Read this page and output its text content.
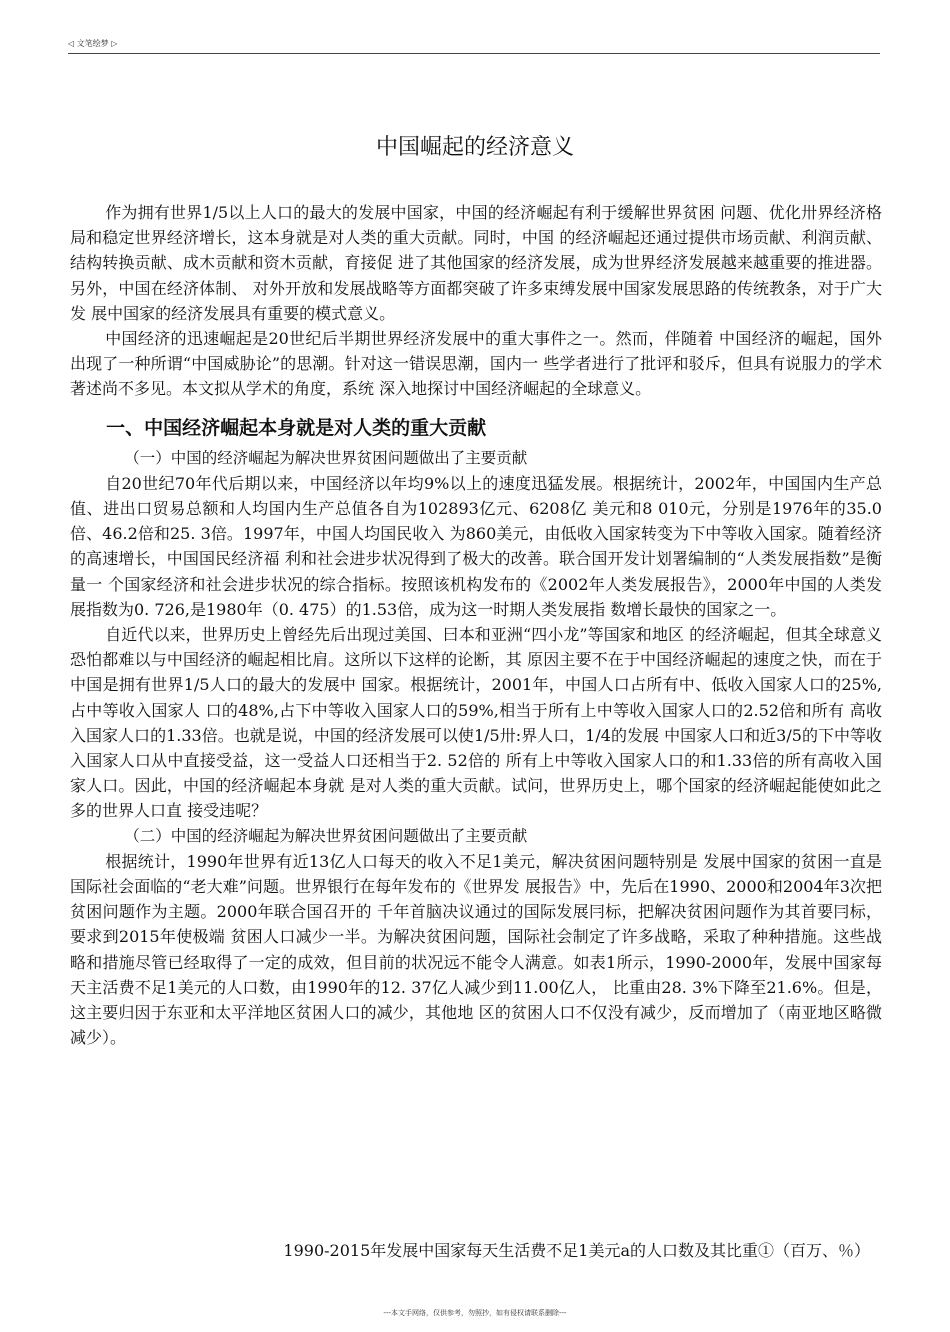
◁ 文笔绘梦 ▷
中国崛起的经济意义

作为拥有世界1/5以上人口的最大的发展中国家，中国的经济崛起有利于缓解世界贫困 问题、优化卅界经济格局和稳定世界经济增长，这本身就是对人类的重大贡献。同时，中国 的经济崛起还通过提供市场贡献、利润贡献、结构转换贡献、成木贡献和资木贡献，育接促 进了其他国家的经济发展，成为世界经济发展越来越重要的推进器。另外，中国在经济体制、 对外开放和发展战略等方面都突破了许多束缚发展中国家发展思路的传统教条，对于广大发 展中国家的经济发展具有重要的模式意义。

中国经济的迅速崛起是20世纪后半期世界经济发展中的重大事件之一。然而，伴随着 中国经济的崛起，国外出现了一种所谓“中国威胁论”的思潮。针对这一错误思潮，国内一 些学者进行了批评和驳斥，但具有说服力的学术著述尚不多见。本文拟从学术的角度，系统 深入地探讨中国经济崛起的全球意义。

一、中国经济崛起本身就是对人类的重大贡献

（一）中国的经济崛起为解决世界贫困问题做出了主要贡献

自20世纪70年代后期以来，中国经济以年均9%以上的速度迅猛发展。根据统计，2002年，中国国内生产总值、进出口贸易总额和人均国内生产总值各自为102893亿元、6208亿 美元和8 010元，分别是1976年的35.0倍、46.2倍和25. 3倍。1997年，中国人均国民收入 为860美元，由低收入国家转变为下中等收入国家。随着经济的高速增长，中国国民经济福 利和社会进步状况得到了极大的改善。联合国开发计划署编制的“人类发展指数”是衡量一 个国家经济和社会进步状况的综合指标。按照该机构发布的《2002年人类发展报告》，2000年中国的人类发展指数为0. 726,是1980年（0. 475）的1.53倍，成为这一时期人类发展指 数增长最快的国家之一。

自近代以来，世界历史上曾经先后出现过美国、曰本和亚洲“四小龙”等国家和地区 的经济崛起，但其全球意义恐怕都难以与中国经济的崛起相比肩。这所以下这样的论断，其 原因主要不在于中国经济崛起的速度之快，而在于中国是拥有世界1/5人口的最大的发展中 国家。根据统计，2001年，中国人口占所有中、低收入国家人口的25%,占中等收入国家人 口的48%,占下中等收入国家人口的59%,相当于所有上中等收入国家人口的2.52倍和所有 高收入国家人口的1.33倍。也就是说，中国的经济发展可以使1/5卅:界人口，1/4的发展 中国家人口和近3/5的下中等收入国家人口从中直接受益，这一受益人口还相当于2. 52倍的 所有上中等收入国家人口的和1.33倍的所有高收入国家人口。因此，中国的经济崛起本身就 是对人类的重大贡献。试问，世界历史上，哪个国家的经济崛起能使如此之多的世界人口直 接受违呢？

（二）中国的经济崛起为解决世界贫困问题做出了主要贡献

根据统计，1990年世界有近13亿人口每天的收入不足1美元，解决贫困问题特别是 发展中国家的贫困一直是国际社会面临的“老大难”问题。世界银行在每年发布的《世界发 展报告》中，先后在1990、2000和2004年3次把贫困问题作为主题。2000年联合国召开的 千年首脑决议通过的国际发展冃标，把解决贫困问题作为其首要冃标，要求到2015年使极端 贫困人口减少一半。为解决贫困问题，国际社会制定了许多战略，采取了种种措施。这些战 略和措施尽管已经取得了一定的成效，但目前的状况远不能令人满意。如表1所示，1990-2000年，发展中国家每天主活费不足1美元的人口数，由1990年的12. 37亿人减少到11.00亿人， 比重由28. 3%下降至21.6%。但是，这主要归因于东亚和太平洋地区贫困人口的减少，其他地 区的贫困人口不仅没有减少，反而增加了（南亚地区略微减少）。

1990-2015年发展中国家每天生活费不足1美元a的人口数及其比重①（百万、％）
---本文手网络，仅供参考，勿照抄，如有侵权请联系删除---
